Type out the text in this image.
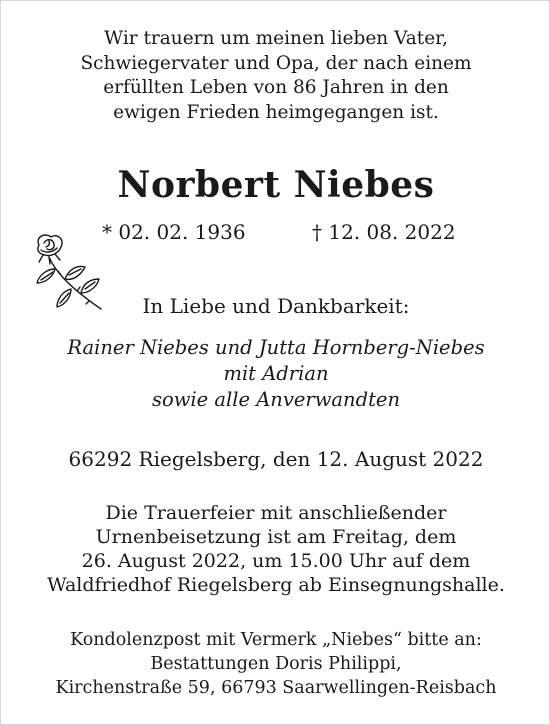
Wir trauern um meinen lieben Vater,
Schwiegervater und Opa, der nach einem
erfüllten Leben von 86 Jahren in den
ewigen Frieden heimgegangen ist.
Norbert Niebes
* 02. 02. 1936	† 12. 08. 2022
In Liebe und Dankbarkeit:
Rainer Niebes und Jutta Hornberg-Niebes
mit Adrian
sowie alle Anverwandten
66292 Riegelsberg, den 12. August 2022
Die Trauerfeier mit anschließender
Urnenbeisetzung ist am Freitag, dem
26. August 2022, um 15.00 Uhr auf dem
Waldfriedhof Riegelsberg ab Einsegnungshalle.
Kondolenzpost mit Vermerk „Niebes“ bitte an:
Bestattungen Doris Philippi,
Kirchenstraße 59, 66793 Saarwellingen-Reisbach
